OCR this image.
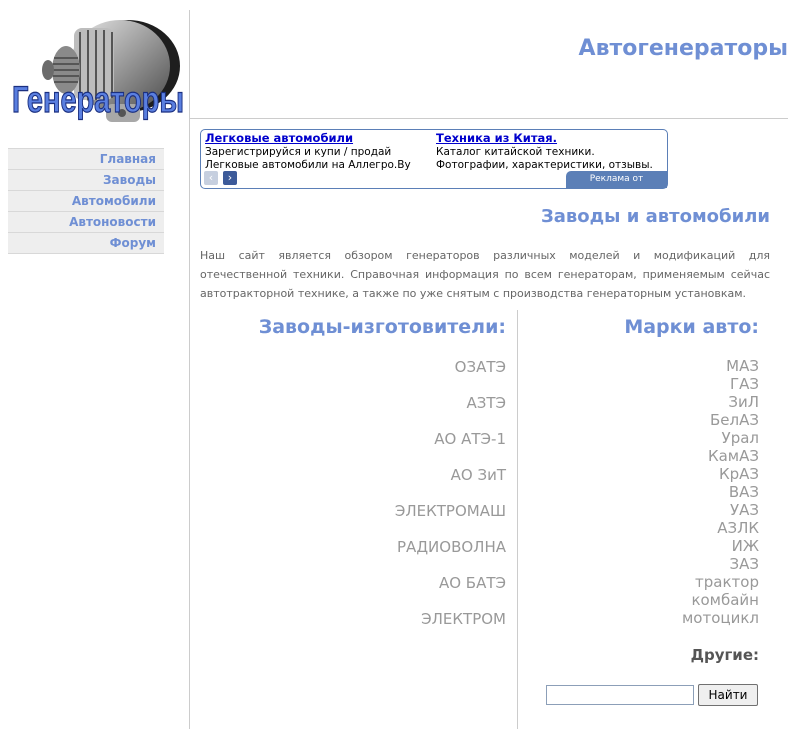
Генераторы
Главная
Заводы
Автомобили
Автоновости
Форум
Автогенераторы
Легковые автомобили
Зарегистрируйся и купи / продай
Легковые автомобили на Аллегро.Ву
Техника из Китая.
Каталог китайской техники.
Фотографии, характеристики, отзывы.
‹	›	Реклама от Google
Заводы и автомобили

Наш сайт является обзором генераторов различных моделей и модификаций для отечественной техники. Справочная информация по всем генераторам, применяемым сейчас автотракторной технике, а также по уже снятым с производства генераторным установкам.

Заводы-изготовители:	Марки авто:
ОЗАТЭ
АЗТЭ
АО АТЭ-1
АО ЗиТ
ЭЛЕКТРОМАШ
РАДИОВОЛНА
АО БАТЭ
ЭЛЕКТРОМ
МАЗ
ГАЗ
ЗиЛ
БелАЗ
Урал
КамАЗ
КрАЗ
ВАЗ
УАЗ
АЗЛК
ИЖ
ЗАЗ
трактор
комбайн
мотоцикл
Другие:
Найти
